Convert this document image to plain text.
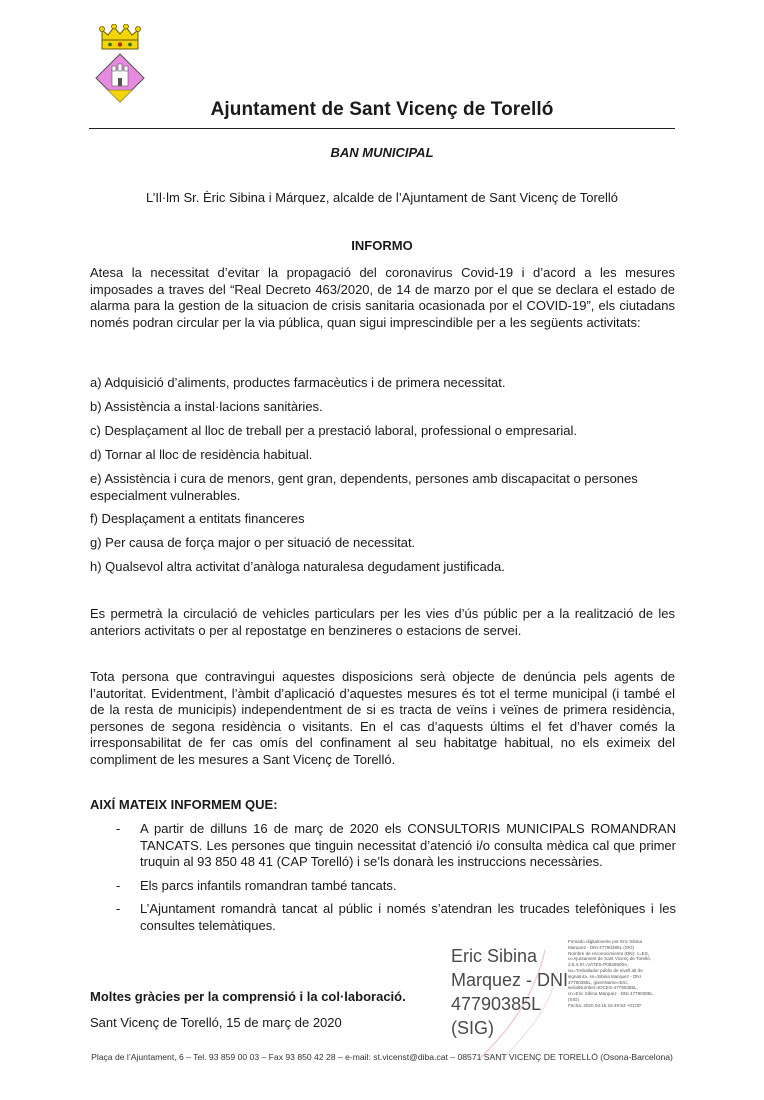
Ajuntament de Sant Vicenç de Torelló
BAN MUNICIPAL
L’Il·lm Sr. Èric Sibina i Márquez, alcalde de l’Ajuntament de Sant Vicenç de Torelló
INFORMO

Atesa la necessitat d’evitar la propagació del coronavirus Covid-19 i d’acord a les mesures imposades a traves del “Real Decreto 463/2020, de 14 de marzo por el que se declara el estado de alarma para la gestion de la situacion de crisis sanitaria ocasionada por el COVID-19”, els ciutadans només podran circular per la via pública, quan sigui imprescindible per a les següents activitats:

a) Adquisició d’aliments, productes farmacèutics i de primera necessitat.

b) Assistència a instal·lacions sanitàries.

c) Desplaçament al lloc de treball per a prestació laboral, professional o empresarial.

d) Tornar al lloc de residència habitual.

e) Assistència i cura de menors, gent gran, dependents, persones amb discapacitat o persones especialment vulnerables.

f) Desplaçament a entitats financeres

g) Per causa de força major o per situació de necessitat.

h) Qualsevol altra activitat d’anàloga naturalesa degudament justificada.

Es permetrà la circulació de vehicles particulars per les vies d’ús públic per a la realització de les anteriors activitats o per al repostatge en benzineres o estacions de servei.

Tota persona que contravingui aquestes disposicions serà objecte de denúncia pels agents de l’autoritat. Evidentment, l’àmbit d’aplicació d’aquestes mesures és tot el terme municipal (i també el de la resta de municipis) independentment de si es tracta de veïns i veïnes de primera residència, persones de segona residència o visitants. En el cas d’aquests últims el fet d’haver comés la irresponsabilitat de fer cas omís del confinament al seu habitatge habitual, no els eximeix del compliment de les mesures a Sant Vicenç de Torelló.

AIXÍ MATEIX INFORMEM QUE:
- A partir de dilluns 16 de març de 2020 els CONSULTORIS MUNICIPALS ROMANDRAN TANCATS. Les persones que tinguin necessitat d’atenció i/o consulta mèdica cal que primer truquin al 93 850 48 41 (CAP Torelló) i se’ls donarà les instruccions necessàries.
- Els parcs infantils romandran també tancats.
- L’Ajuntament romandrà tancat al públic i només s’atendran les trucades telefòniques i les consultes telemàtiques.
Moltes gràcies per la comprensió i la col·laboració.
Sant Vicenç de Torelló, 15 de març de 2020
Eric Sibina
Marquez - DNI
47790385L
(SIG)
Firmado digitalmente por Eric Sibina
Marquez - DNI 47790385L (SIG)
Nombre de reconocimiento (DN): c=ES,
o=Ajuntament de Sant Vicenç de Torelló,
2.5.4.97=VATES-P0826500A,
ou=Treballador públic de nivell alt de
signatura, sn=Sibina Marquez - DNI
47790385L, givenName=Eric,
serialNumber=IDCES-47790385L,
cn=Eric Sibina Marquez - DNI 47790385L
(SIG)
Fecha: 2020.03.15 15:49:53 +01'00'
Plaça de l’Ajuntament, 6 – Tel. 93 859 00 03 – Fax 93 850 42 28 – e-mail: st.vicenst@diba.cat – 08571 SANT VICENÇ DE TORELLÓ (Osona-Barcelona)
